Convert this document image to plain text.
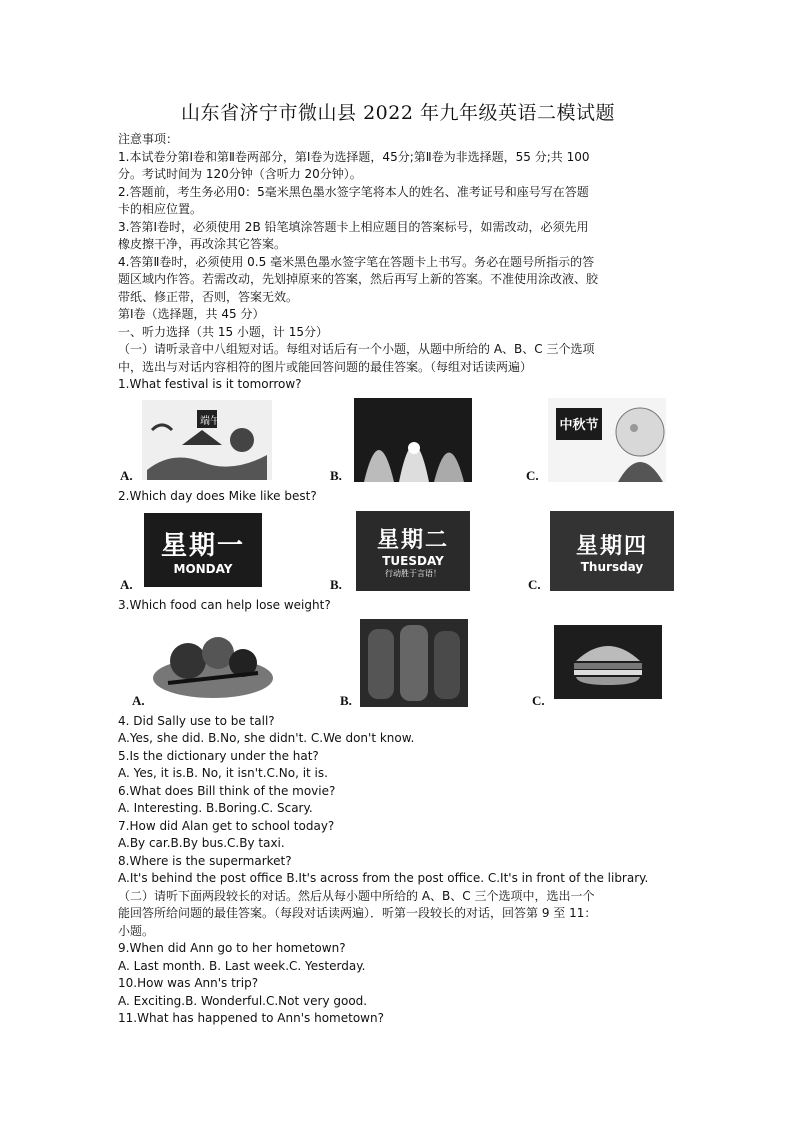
山东省济宁市微山县 2022 年九年级英语二模试题

注意事项：

1.本试卷分第Ⅰ卷和第Ⅱ卷两部分，第Ⅰ卷为选择题，45分;第Ⅱ卷为非选择题，55 分;共 100

分。考试时间为 120分钟（含听力 20分钟）。

2.答题前，考生务必用0：5毫米黑色墨水签字笔将本人的姓名、准考证号和座号写在答题

卡的相应位置。

3.答第Ⅰ卷时，必须使用 2B 铅笔填涂答题卡上相应题目的答案标号，如需改动，必须先用

橡皮擦干净，再改涂其它答案。

4.答第Ⅱ卷时，必须使用 0.5 毫米黑色墨水签字笔在答题卡上书写。务必在题号所指示的答

题区域内作答。若需改动，先划掉原来的答案，然后再写上新的答案。不准使用涂改液、胶

带纸、修正带，否则，答案无效。

第Ⅰ卷（选择题，共 45 分）

一、听力选择（共 15 小题，计 15分）

（一）请听录音中八组短对话。每组对话后有一个小题，从题中所给的 A、B、C 三个选项

中，选出与对话内容相符的图片或能回答问题的最佳答案。（每组对话读两遍）

1.What festival is it tomorrow?

A.
端午
B.	C.
中秋节

2.Which day does Mike like best?

A.
星期一
MONDAY
B.
星期二
TUESDAY
行动胜于言语！
C.
星期四
Thursday

3.Which food can help lose weight?

A.	B.	C.

4. Did Sally use to be tall?

A.Yes, she did. B.No, she didn't. C.We don't know.

5.Is the dictionary under the hat?

A. Yes, it is.B. No, it isn't.C.No, it is.

6.What does Bill think of the movie?

A. Interesting. B.Boring.C. Scary.

7.How did Alan get to school today?

A.By car.B.By bus.C.By taxi.

8.Where is the supermarket?

A.It's behind the post office B.It's across from the post office. C.It's in front of the library.

（二）请听下面两段较长的对话。然后从每小题中所给的 A、B、C 三个选项中，选出一个

能回答所给问题的最佳答案。（每段对话读两遍）．听第一段较长的对话，回答第 9 至 11：

小题。

9.When did Ann go to her hometown?

A. Last month. B. Last week.C. Yesterday.

10.How was Ann's trip?

A. Exciting.B. Wonderful.C.Not very good.

11.What has happened to Ann's hometown?
